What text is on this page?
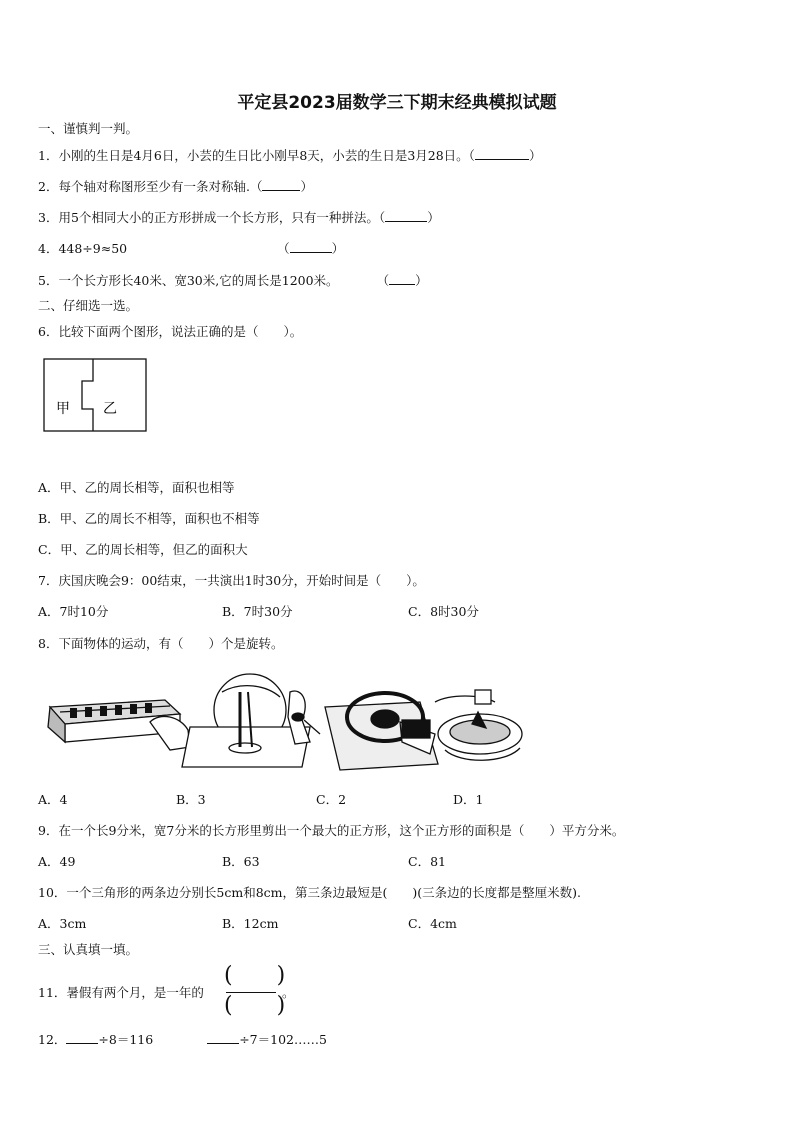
平定县2023届数学三下期末经典模拟试题
一、谨慎判一判。
1．小刚的生日是4月6日，小芸的生日比小刚早8天，小芸的生日是3月28日。（	）
2．每个轴对称图形至少有一条对称轴.（	）
3．用5个相同大小的正方形拼成一个长方形，只有一种拼法。（	）
4．448÷9≈50	（	）
5．一个长方形长40米、宽30米,它的周长是1200米。	（ ）
二、仔细选一选。
6．比较下面两个图形，说法正确的是（　　）。
甲 乙
A．甲、乙的周长相等，面积也相等
B．甲、乙的周长不相等，面积也不相等
C．甲、乙的周长相等，但乙的面积大
7．庆国庆晚会9：00结束，一共演出1时30分，开始时间是（　　）。
A．7时10分	B．7时30分	C．8时30分
8．下面物体的运动，有（　　）个是旋转。
A．4	B．3	C．2	D．1
9．在一个长9分米，宽7分米的长方形里剪出一个最大的正方形，这个正方形的面积是（　　）平方分米。
A．49	B．63	C．81
10．一个三角形的两条边分别长5cm和8cm，第三条边最短是(　　)(三条边的长度都是整厘米数).
A．3cm	B．12cm	C．4cm
三、认真填一填。
11．暑假有两个月，是一年的
(　　)
(　　)
。
12．	÷8＝116	÷7＝102……5
